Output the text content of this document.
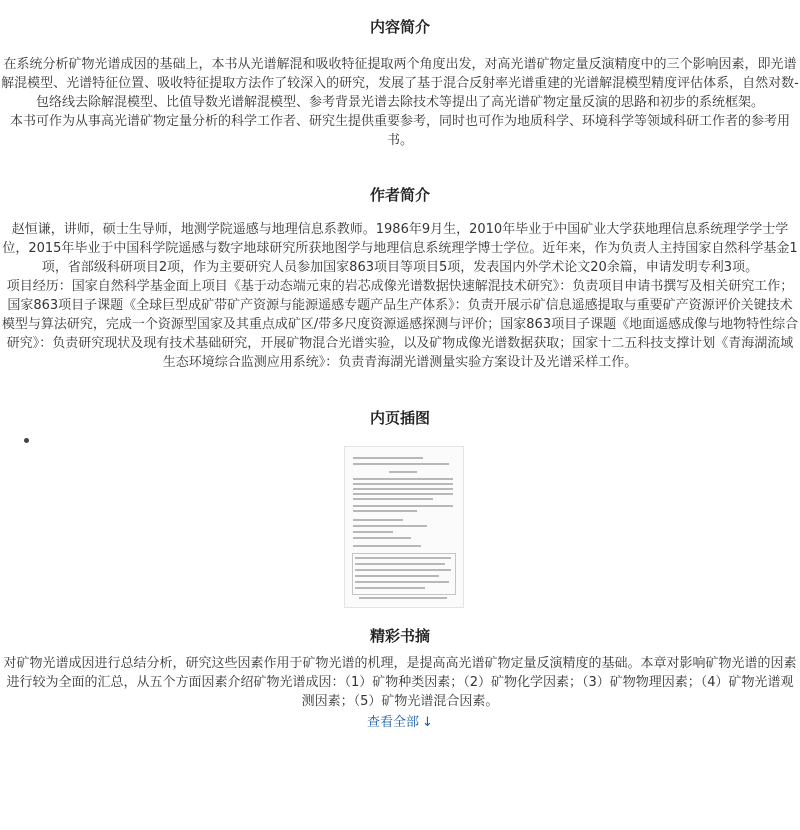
内容简介

在系统分析矿物光谱成因的基础上，本书从光谱解混和吸收特征提取两个角度出发，对高光谱矿物定量反演精度中的三个影响因素，即光谱解混模型、光谱特征位置、吸收特征提取方法作了较深入的研究，发展了基于混合反射率光谱重建的光谱解混模型精度评估体系，自然对数-包络线去除解混模型、比值导数光谱解混模型、参考背景光谱去除技术等提出了高光谱矿物定量反演的思路和初步的系统框架。

本书可作为从事高光谱矿物定量分析的科学工作者、研究生提供重要参考，同时也可作为地质科学、环境科学等领域科研工作者的参考用书。

作者简介

赵恒谦，讲师，硕士生导师，地测学院遥感与地理信息系教师。1986年9月生，2010年毕业于中国矿业大学获地理信息系统理学学士学位，2015年毕业于中国科学院遥感与数字地球研究所获地图学与地理信息系统理学博士学位。近年来，作为负责人主持国家自然科学基金1项，省部级科研项目2项，作为主要研究人员参加国家863项目等项目5项，发表国内外学术论文20余篇，申请发明专利3项。

项目经历：国家自然科学基金面上项目《基于动态端元束的岩芯成像光谱数据快速解混技术研究》：负责项目申请书撰写及相关研究工作；国家863项目子课题《全球巨型成矿带矿产资源与能源遥感专题产品生产体系》：负责开展示矿信息遥感提取与重要矿产资源评价关键技术模型与算法研究，完成一个资源型国家及其重点成矿区/带多尺度资源遥感探测与评价；国家863项目子课题《地面遥感成像与地物特性综合研究》：负责研究现状及现有技术基础研究，开展矿物混合光谱实验，以及矿物成像光谱数据获取；国家十二五科技支撑计划《青海湖流域生态环境综合监测应用系统》：负责青海湖光谱测量实验方案设计及光谱采样工作。

内页插图
精彩书摘

对矿物光谱成因进行总结分析，研究这些因素作用于矿物光谱的机理，是提高高光谱矿物定量反演精度的基础。本章对影响矿物光谱的因素进行较为全面的汇总，从五个方面因素介绍矿物光谱成因：（1）矿物种类因素；（2）矿物化学因素；（3）矿物物理因素；（4）矿物光谱观测因素；（5）矿物光谱混合因素。

查看全部 ↓
